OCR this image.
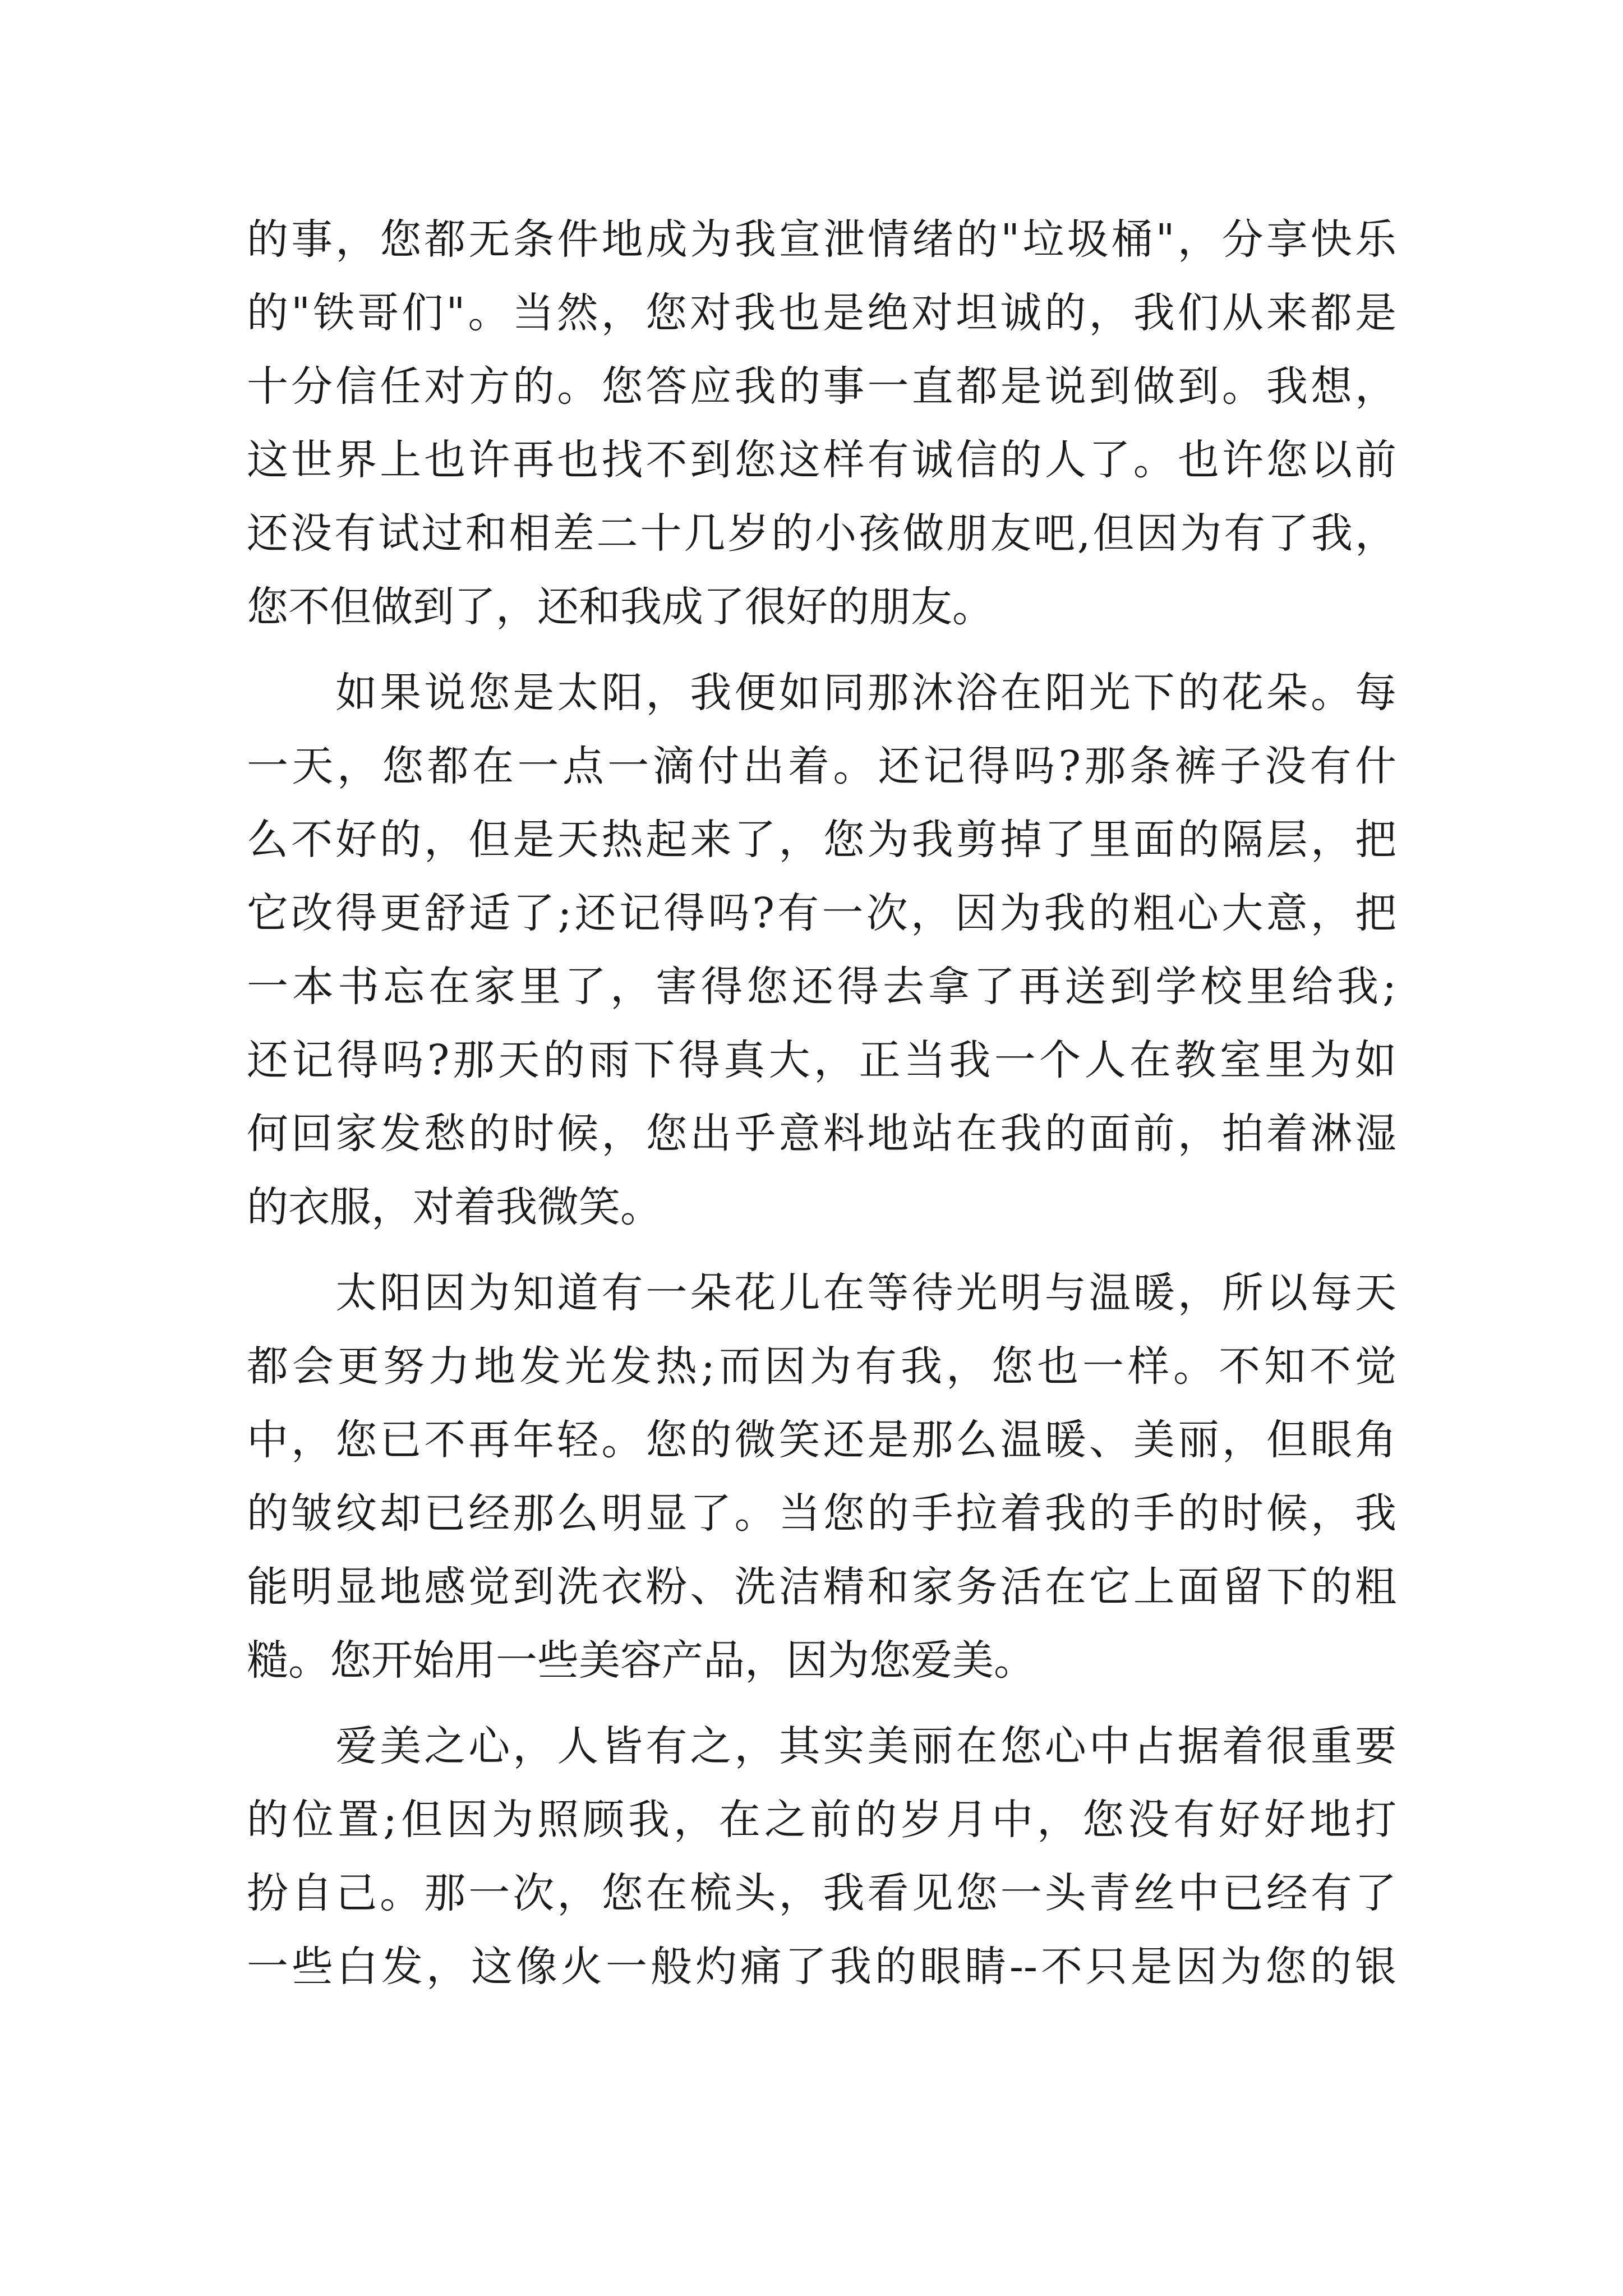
的事，您都无条件地成为我宣泄情绪的"垃圾桶"，分享快乐
的"铁哥们"。当然，您对我也是绝对坦诚的，我们从来都是
十分信任对方的。您答应我的事一直都是说到做到。我想，
这世界上也许再也找不到您这样有诚信的人了。也许您以前
还没有试过和相差二十几岁的小孩做朋友吧,但因为有了我，
您不但做到了，还和我成了很好的朋友。
　　如果说您是太阳，我便如同那沐浴在阳光下的花朵。每
一天，您都在一点一滴付出着。还记得吗?那条裤子没有什
么不好的，但是天热起来了，您为我剪掉了里面的隔层，把
它改得更舒适了;还记得吗?有一次，因为我的粗心大意，把
一本书忘在家里了，害得您还得去拿了再送到学校里给我;
还记得吗?那天的雨下得真大，正当我一个人在教室里为如
何回家发愁的时候，您出乎意料地站在我的面前，拍着淋湿
的衣服，对着我微笑。
　　太阳因为知道有一朵花儿在等待光明与温暖，所以每天
都会更努力地发光发热;而因为有我，您也一样。不知不觉
中，您已不再年轻。您的微笑还是那么温暖、美丽，但眼角
的皱纹却已经那么明显了。当您的手拉着我的手的时候，我
能明显地感觉到洗衣粉、洗洁精和家务活在它上面留下的粗
糙。您开始用一些美容产品，因为您爱美。
　　爱美之心，人皆有之，其实美丽在您心中占据着很重要
的位置;但因为照顾我，在之前的岁月中，您没有好好地打
扮自己。那一次，您在梳头，我看见您一头青丝中已经有了
一些白发，这像火一般灼痛了我的眼睛--不只是因为您的银
